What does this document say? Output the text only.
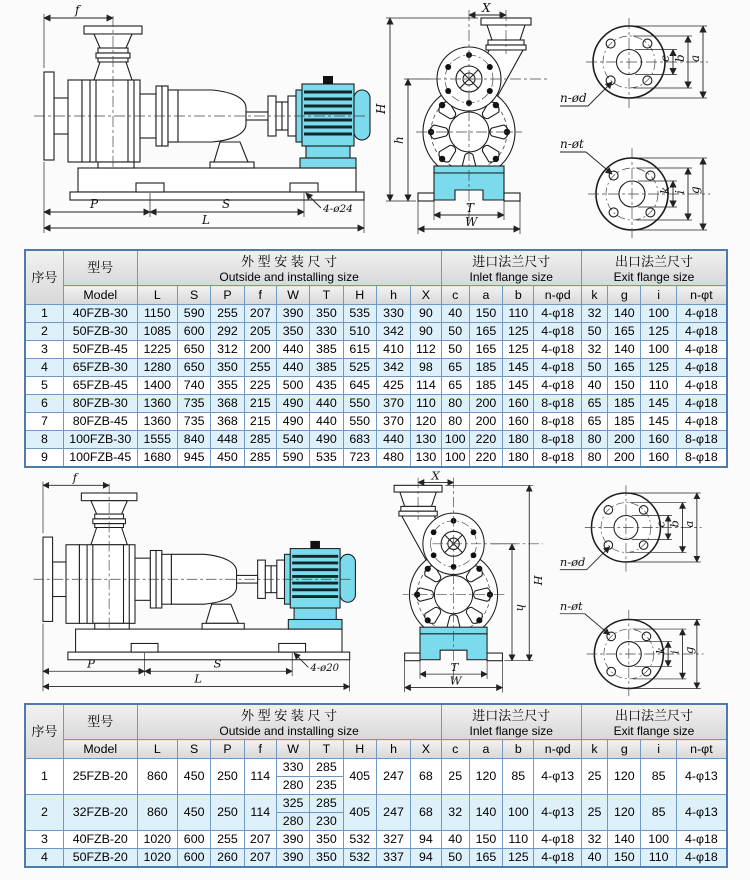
f
P	S
L
4-ø24
X
H
h
T
W
c b a
n-ød
k i g
n-øt
序号	型号	外 型 安 装 尺 寸
Outside and installing size

进口法兰尺寸
Inlet flange size

出口法兰尺寸
Exit flange size

	Model	L	S	P	f	W	T	H	h	X	c	a	b	n-φd	k	g	i	n-φt
1	40FZB-30	1150	590	255	207	390	350	535	330	90	40	150	110	4-φ18	32	140	100	4-φ18
2	50FZB-30	1085	600	292	205	350	330	510	342	90	50	165	125	4-φ18	50	165	125	4-φ18
3	50FZB-45	1225	650	312	200	440	385	615	410	112	50	165	125	4-φ18	32	140	100	4-φ18
4	65FZB-30	1280	650	350	255	440	385	525	342	98	65	185	145	4-φ18	50	165	125	4-φ18
5	65FZB-45	1400	740	355	225	500	435	645	425	114	65	185	145	4-φ18	40	150	110	4-φ18
6	80FZB-30	1360	735	368	215	490	440	550	370	110	80	200	160	8-φ18	65	185	145	4-φ18
7	80FZB-45	1360	735	368	215	490	440	550	370	120	80	200	160	8-φ18	65	185	145	4-φ18
8	100FZB-30	1555	840	448	285	540	490	683	440	130	100	220	180	8-φ18	80	200	160	8-φ18
9	100FZB-45	1680	945	450	285	590	535	723	480	130	100	220	180	8-φ18	80	200	160	8-φ18
f
P	S
L
4-ø20
X
H
h
T
W
c b a
n-ød
k i g
n-øt
序号	型号	外 型 安 装 尺 寸
Outside and installing size

进口法兰尺寸
Inlet flange size

出口法兰尺寸
Exit flange size

	Model	L	S	P	f	W	T	H	h	X	c	a	b	n-φd	k	g	i	n-φt
1	25FZB-20	860	450	250	114	330	285	405	247	68	25	120	85	4-φ13	25	120	85	4-φ13
						280	235											
2	32FZB-20	860	450	250	114	325	285	405	247	68	32	140	100	4-φ13	25	120	85	4-φ13
						280	230											
3	40FZB-20	1020	600	255	207	390	350	532	327	94	40	150	110	4-φ18	32	140	100	4-φ18
4	50FZB-20	1020	600	260	207	390	350	532	337	94	50	165	125	4-φ18	40	150	110	4-φ18
